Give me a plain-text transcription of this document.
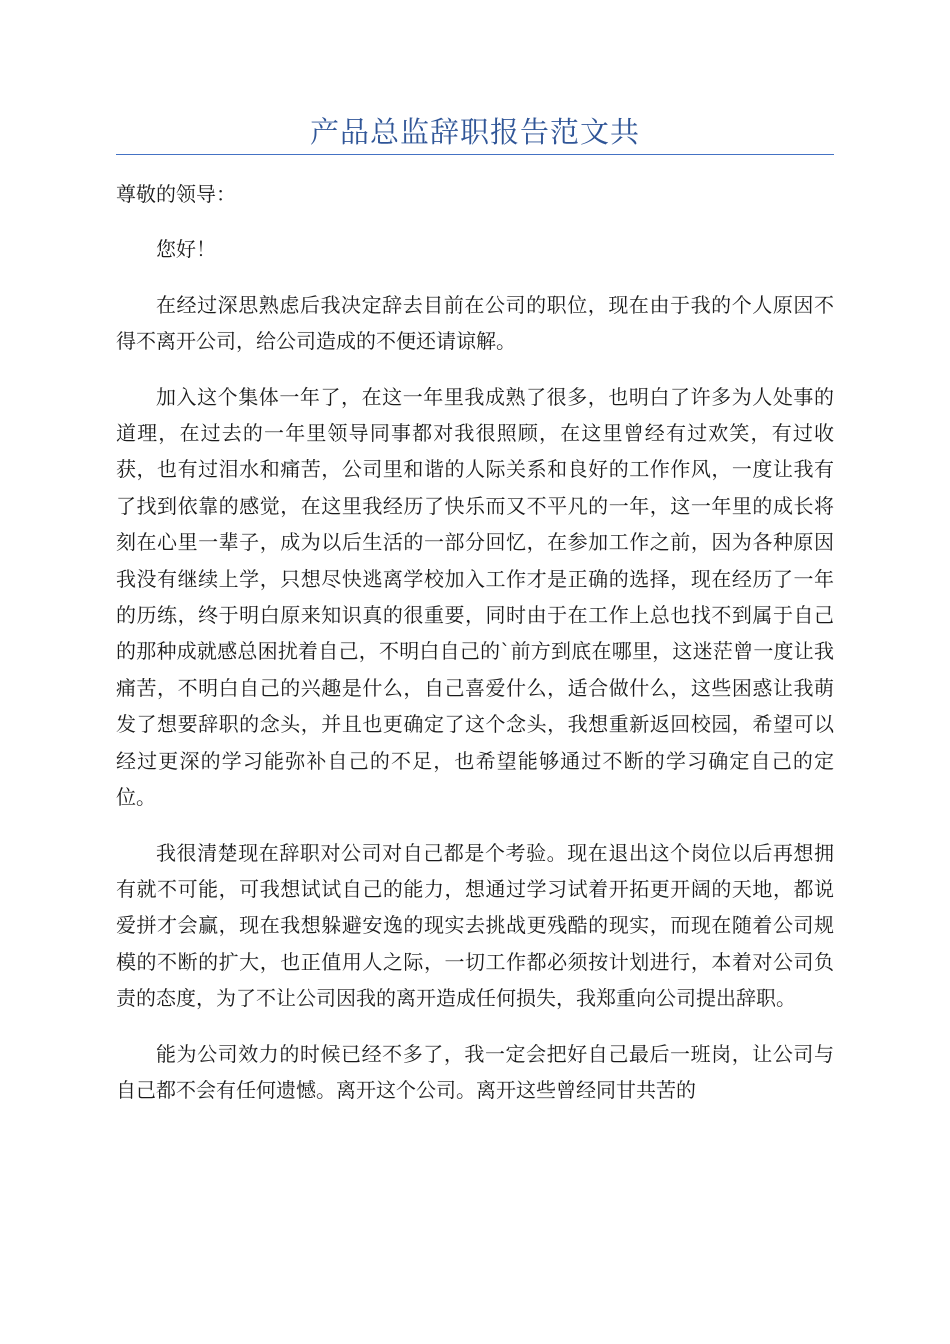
产品总监辞职报告范文共

尊敬的领导：

您好！

在经过深思熟虑后我决定辞去目前在公司的职位，现在由于我的个人原因不得不离开公司，给公司造成的不便还请谅解。

加入这个集体一年了，在这一年里我成熟了很多，也明白了许多为人处事的道理，在过去的一年里领导同事都对我很照顾，在这里曾经有过欢笑，有过收获，也有过泪水和痛苦，公司里和谐的人际关系和良好的工作作风，一度让我有了找到依靠的感觉，在这里我经历了快乐而又不平凡的一年，这一年里的成长将刻在心里一辈子，成为以后生活的一部分回忆，在参加工作之前，因为各种原因我没有继续上学，只想尽快逃离学校加入工作才是正确的选择，现在经历了一年的历练，终于明白原来知识真的很重要，同时由于在工作上总也找不到属于自己的那种成就感总困扰着自己，不明白自己的`前方到底在哪里，这迷茫曾一度让我痛苦，不明白自己的兴趣是什么，自己喜爱什么，适合做什么，这些困惑让我萌发了想要辞职的念头，并且也更确定了这个念头，我想重新返回校园，希望可以经过更深的学习能弥补自己的不足，也希望能够通过不断的学习确定自己的定位。

我很清楚现在辞职对公司对自己都是个考验。现在退出这个岗位以后再想拥有就不可能，可我想试试自己的能力，想通过学习试着开拓更开阔的天地，都说爱拼才会赢，现在我想躲避安逸的现实去挑战更残酷的现实，而现在随着公司规模的不断的扩大，也正值用人之际，一切工作都必须按计划进行，本着对公司负责的态度，为了不让公司因我的离开造成任何损失，我郑重向公司提出辞职。

能为公司效力的时候已经不多了，我一定会把好自己最后一班岗，让公司与自己都不会有任何遗憾。离开这个公司。离开这些曾经同甘共苦的
